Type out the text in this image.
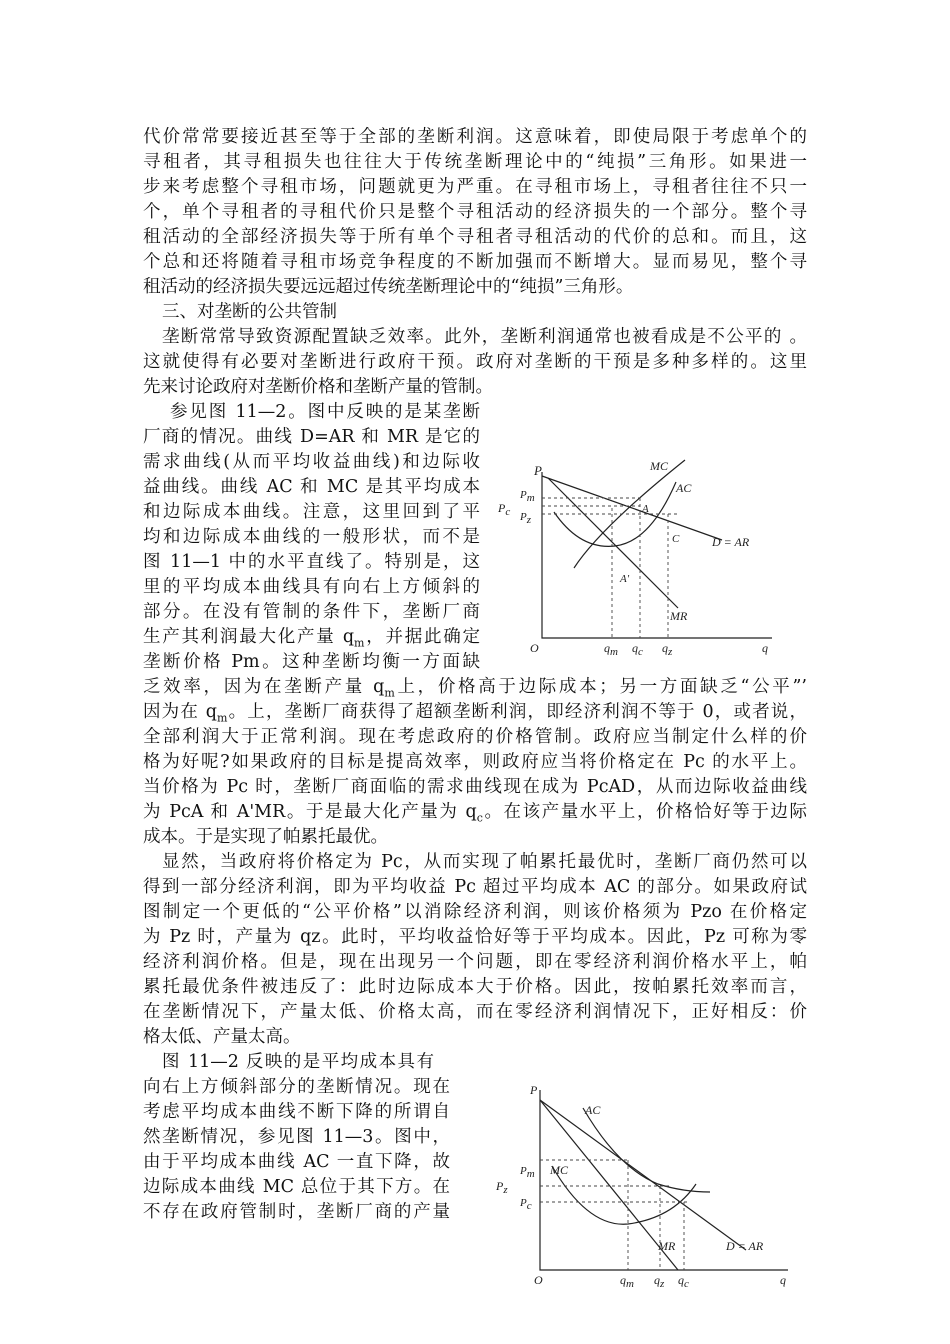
代价常常要接近甚至等于全部的垄断利润。这意味着，即使局限于考虑单个的
寻租者，其寻租损失也往往大于传统垄断理论中的“纯损”三角形。如果进一
步来考虑整个寻租市场，问题就更为严重。在寻租市场上，寻租者往往不只一
个，单个寻租者的寻租代价只是整个寻租活动的经济损失的一个部分。整个寻
租活动的全部经济损失等于所有单个寻租者寻租活动的代价的总和。而且，这
个总和还将随着寻租市场竞争程度的不断加强而不断增大。显而易见，整个寻
租活动的经济损失要远远超过传统垄断理论中的“纯损”三角形。
三、对垄断的公共管制
垄断常常导致资源配置缺乏效率。此外，垄断利润通常也被看成是不公平的 。
这就使得有必要对垄断进行政府干预。政府对垄断的干预是多种多样的。这里
先来讨论政府对垄断价格和垄断产量的管制。
参见图 11—2。图中反映的是某垄断
厂商的情况。曲线 D=AR 和 MR 是它的
需求曲线(从而平均收益曲线)和边际收
益曲线。曲线 AC 和 MC 是其平均成本
和边际成本曲线。注意，这里回到了平
均和边际成本曲线的一般形状，而不是
图 11—1 中的水平直线了。特别是，这
里的平均成本曲线具有向右上方倾斜的
部分。在没有管制的条件下，垄断厂商
生产其利润最大化产量 $q_m$，并据此确定
垄断价格 Pm。这种垄断均衡一方面缺
乏效率，因为在垄断产量 $q_m$上，价格高于边际成本；另一方面缺乏“公平”’
因为在 $q_m$。上，垄断厂商获得了超额垄断利润，即经济利润不等于 0，或者说，
全部利润大于正常利润。现在考虑政府的价格管制。政府应当制定什么样的价
格为好呢?如果政府的目标是提高效率，则政府应当将价格定在 Pc 的水平上。
当价格为 Pc 时，垄断厂商面临的需求曲线现在成为 PcAD，从而边际收益曲线
为 PcA 和 A'MR。于是最大化产量为 $q_c$。在该产量水平上，价格恰好等于边际
成本。于是实现了帕累托最优。
显然，当政府将价格定为 Pc，从而实现了帕累托最优时，垄断厂商仍然可以
得到一部分经济利润，即为平均收益 Pc 超过平均成本 AC 的部分。如果政府试
图制定一个更低的“公平价格”以消除经济利润，则该价格须为 Pzo 在价格定
为 Pz 时，产量为 qz。此时，平均收益恰好等于平均成本。因此，Pz 可称为零
经济利润价格。但是，现在出现另一个问题，即在零经济利润价格水平上，帕
累托最优条件被违反了：此时边际成本大于价格。因此，按帕累托效率而言，
在垄断情况下，产量太低、价格太高，而在零经济利润情况下，正好相反：价
格太低、产量太高。
图 11—2 反映的是平均成本具有
向右上方倾斜部分的垄断情况。现在
考虑平均成本曲线不断下降的所谓自
然垄断情况，参见图 11—3。图中，
由于平均成本曲线 AC 一直下降，故
边际成本曲线 MC 总位于其下方。在
不存在政府管制时，垄断厂商的产量
P	MC
AC
Pc
Pm
Pz
A
C
A'
D = AR
MR
O	qm qc qz	q
P
AC
Pm
Pz
Pc
MC
MR	D = AR
O	qm qz qc	q
